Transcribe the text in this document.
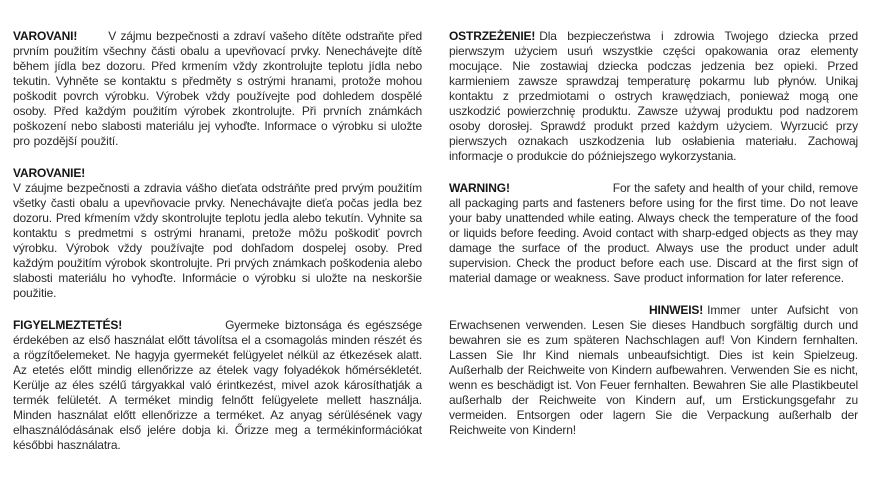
VAROVANI!	V zájmu bezpečnosti a zdraví vašeho dítěte odstraňte před prvním použitím všechny části obalu a upevňovací prvky. Nenechávejte dítě během jídla bez dozoru. Před krmením vždy zkontrolujte teplotu jídla nebo tekutin. Vyhněte se kontaktu s předměty s ostrými hranami, protože mohou poškodit povrch výrobku. Výrobek vždy používejte pod dohledem dospělé osoby. Před každým použitím výrobek zkontrolujte. Při prvních známkách poškození nebo slabosti materiálu jej vyhoďte. Informace o výrobku si uložte pro pozdější použití.

VAROVANIE!
V záujme bezpečnosti a zdravia vášho dieťata odstráňte pred prvým použitím všetky časti obalu a upevňovacie prvky. Nenechávajte dieťa počas jedla bez dozoru. Pred kŕmením vždy skontrolujte teplotu jedla alebo tekutín. Vyhnite sa kontaktu s predmetmi s ostrými hranami, pretože môžu poškodiť povrch výrobku. Výrobok vždy používajte pod dohľadom dospelej osoby. Pred každým použitím výrobok skontrolujte. Pri prvých známkach poškodenia alebo slabosti materiálu ho vyhoďte. Informácie o výrobku si uložte na neskoršie použitie.

FIGYELMEZTETÉS!	Gyermeke biztonsága és egészsége érdekében az első használat előtt távolítsa el a csomagolás minden részét és a rögzítőelemeket. Ne hagyja gyermekét felügyelet nélkül az étkezések alatt. Az etetés előtt mindig ellenőrizze az ételek vagy folyadékok hőmérsékletét. Kerülje az éles szélű tárgyakkal való érintkezést, mivel azok károsíthatják a termék felületét. A terméket mindig felnőtt felügyelete mellett használja. Minden használat előtt ellenőrizze a terméket. Az anyag sérülésének vagy elhasználódásának első jelére dobja ki. Őrizze meg a termékinformációkat későbbi használatra.

OSTRZEŻENIE! Dla bezpieczeństwa i zdrowia Twojego dziecka przed pierwszym użyciem usuń wszystkie części opakowania oraz elementy mocujące. Nie zostawiaj dziecka podczas jedzenia bez opieki. Przed karmieniem zawsze sprawdzaj temperaturę pokarmu lub płynów. Unikaj kontaktu z przedmiotami o ostrych krawędziach, ponieważ mogą one uszkodzić powierzchnię produktu. Zawsze używaj produktu pod nadzorem osoby dorosłej. Sprawdź produkt przed każdym użyciem. Wyrzucić przy pierwszych oznakach uszkodzenia lub osłabienia materiału. Zachowaj informacje o produkcie do późniejszego wykorzystania.

WARNING!	For the safety and health of your child, remove all packaging parts and fasteners before using for the first time. Do not leave your baby unattended while eating. Always check the temperature of the food or liquids before feeding. Avoid contact with sharp-edged objects as they may damage the surface of the product. Always use the product under adult supervision. Check the product before each use. Discard at the first sign of material damage or weakness. Save product information for later reference.

HINWEIS! Immer unter Aufsicht von Erwachsenen verwenden. Lesen Sie dieses Handbuch sorgfältig durch und bewahren sie es zum späteren Nachschlagen auf! Von Kindern fernhalten. Lassen Sie Ihr Kind niemals unbeaufsichtigt. Dies ist kein Spielzeug. Außerhalb der Reichweite von Kindern aufbewahren. Verwenden Sie es nicht, wenn es beschädigt ist. Von Feuer fernhalten. Bewahren Sie alle Plastikbeutel außerhalb der Reichweite von Kindern auf, um Erstickungsgefahr zu vermeiden. Entsorgen oder lagern Sie die Verpackung außerhalb der Reichweite von Kindern!
